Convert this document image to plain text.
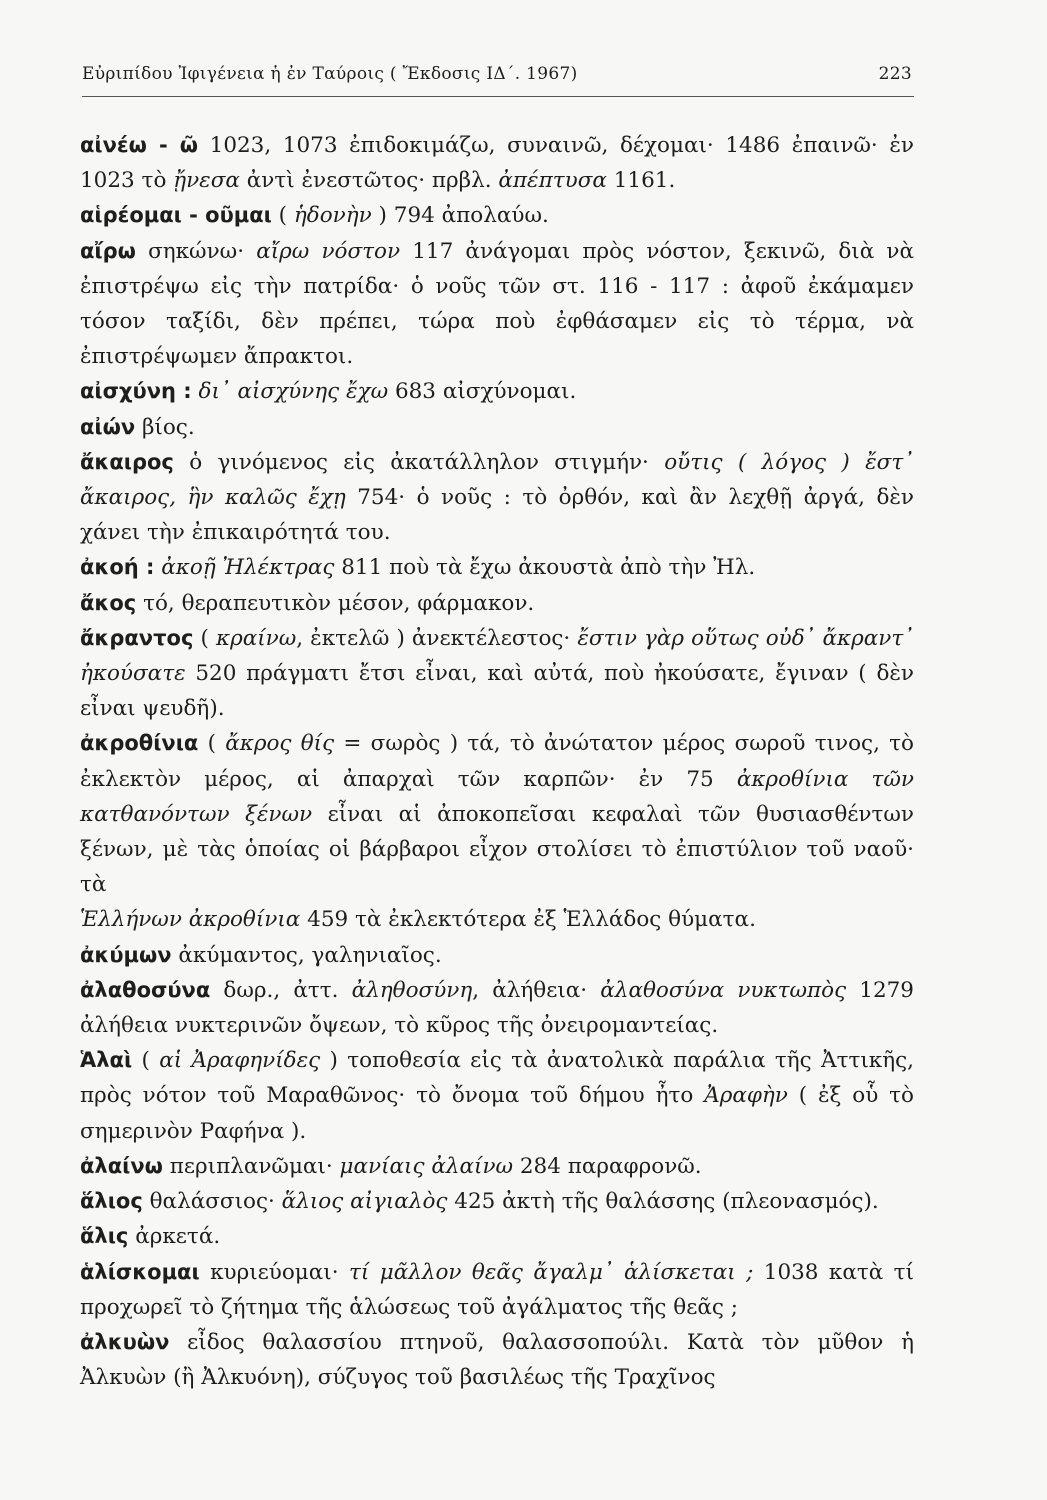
Εὐριπίδου Ἰφιγένεια ἡ ἐν Ταύροις ( Ἔκδοσις ΙΔ΄. 1967)	223

αἰνέω - ῶ 1023, 1073 ἐπιδοκιμάζω, συναινῶ, δέχομαι· 1486 ἐπαινῶ· ἐν 1023 τὸ ᾔνεσα ἀντὶ ἐνεστῶτος· πρβλ. ἀπέπτυσα 1161.

αἱρέομαι - οῦμαι ( ἡδονὴν ) 794 ἀπολαύω.

αἴρω σηκώνω· αἴρω νόστον 117 ἀνάγομαι πρὸς νόστον, ξεκινῶ, διὰ νὰ ἐπιστρέψω εἰς τὴν πατρίδα· ὁ νοῦς τῶν στ. 116 - 117 : ἀφοῦ ἐκάμαμεν τόσον ταξίδι, δὲν πρέπει, τώρα ποὺ ἐφθάσαμεν εἰς τὸ τέρμα, νὰ ἐπιστρέψωμεν ἄπρακτοι.

αἰσχύνη : δι᾽ αἰσχύνης ἔχω 683 αἰσχύνομαι.

αἰών βίος.

ἄκαιρος ὁ γινόμενος εἰς ἀκατάλληλον στιγμήν· οὔτις ( λόγος ) ἔστ᾽ ἄκαιρος, ἣν καλῶς ἔχῃ 754· ὁ νοῦς : τὸ ὀρθόν, καὶ ἂν λεχθῇ ἀργά, δὲν χάνει τὴν ἐπικαιρότητά του.

ἀκοή : ἀκοῇ Ἠλέκτρας 811 ποὺ τὰ ἔχω ἀκουστὰ ἀπὸ τὴν Ἠλ.

ἄκος τό, θεραπευτικὸν μέσον, φάρμακον.

ἄκραντος ( κραίνω, ἐκτελῶ ) ἀνεκτέλεστος· ἔστιν γὰρ οὕτως οὐδ᾽ ἄκραντ᾽ ἠκούσατε 520 πράγματι ἔτσι εἶναι, καὶ αὐτά, ποὺ ἠκούσατε, ἔγιναν ( δὲν εἶναι ψευδῆ).

ἀκροθίνια ( ἄκρος θίς = σωρὸς ) τά, τὸ ἀνώτατον μέρος σωροῦ τινος, τὸ ἐκλεκτὸν μέρος, αἱ ἀπαρχαὶ τῶν καρπῶν· ἐν 75 ἀκροθίνια τῶν κατθανόντων ξένων εἶναι αἱ ἀποκοπεῖσαι κεφαλαὶ τῶν θυσιασθέντων ξένων, μὲ τὰς ὁποίας οἱ βάρβαροι εἶχον στολίσει τὸ ἐπιστύλιον τοῦ ναοῦ· τὰ

Ἑλλήνων ἀκροθίνια 459 τὰ ἐκλεκτότερα ἐξ Ἑλλάδος θύματα.

ἀκύμων ἀκύμαντος, γαληνιαῖος.

ἀλαθοσύνα δωρ., ἀττ. ἀληθοσύνη, ἀλήθεια· ἀλαθοσύνα νυκτωπὸς 1279 ἀλήθεια νυκτερινῶν ὄψεων, τὸ κῦρος τῆς ὀνειρομαντείας.

Ἁλαὶ ( αἱ Ἀραφηνίδες ) τοποθεσία εἰς τὰ ἀνατολικὰ παράλια τῆς Ἀττικῆς, πρὸς νότον τοῦ Μαραθῶνος· τὸ ὄνομα τοῦ δήμου ἦτο Ἀραφὴν ( ἐξ οὗ τὸ σημερινὸν Ραφήνα ).

ἀλαίνω περιπλανῶμαι· μανίαις ἀλαίνω 284 παραφρονῶ.

ἅλιος θαλάσσιος· ἅλιος αἰγιαλὸς 425 ἀκτὴ τῆς θαλάσσης (πλεονασμός).

ἅλις ἀρκετά.

ἁλίσκομαι κυριεύομαι· τί μᾶλλον θεᾶς ἄγαλμ᾽ ἁλίσκεται ; 1038 κατὰ τί προχωρεῖ τὸ ζήτημα τῆς ἁλώσεως τοῦ ἀγάλματος τῆς θεᾶς ;

ἀλκυὼν εἶδος θαλασσίου πτηνοῦ, θαλασσοπούλι. Κατὰ τὸν μῦθον ἡ Ἀλκυὼν (ἢ Ἀλκυόνη), σύζυγος τοῦ βασιλέως τῆς Τραχῖνος
